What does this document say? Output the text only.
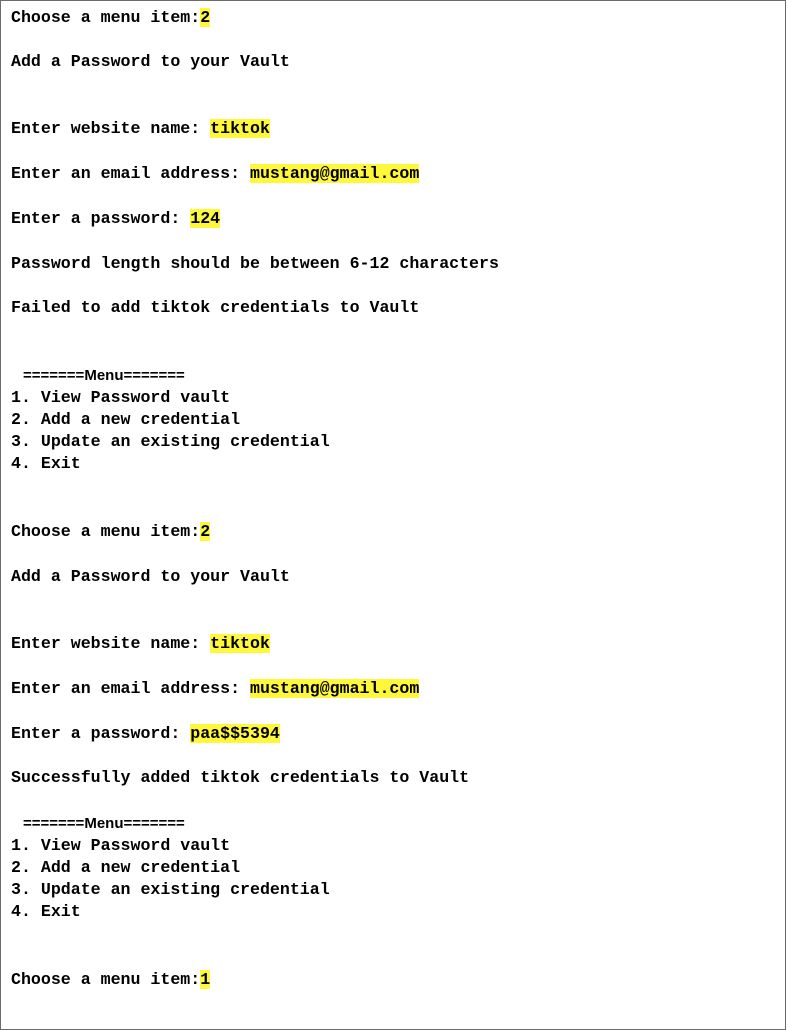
Choose a menu item:2

Add a Password to your Vault

Enter website name: tiktok

Enter an email address: mustang@gmail.com

Enter a password: 124

Password length should be between 6-12 characters

Failed to add tiktok credentials to Vault

=======Menu=======

1. View Password vault

2. Add a new credential

3. Update an existing credential

4. Exit

Choose a menu item:2

Add a Password to your Vault

Enter website name: tiktok

Enter an email address: mustang@gmail.com

Enter a password: paa$$5394

Successfully added tiktok credentials to Vault

=======Menu=======

1. View Password vault

2. Add a new credential

3. Update an existing credential

4. Exit

Choose a menu item:1
